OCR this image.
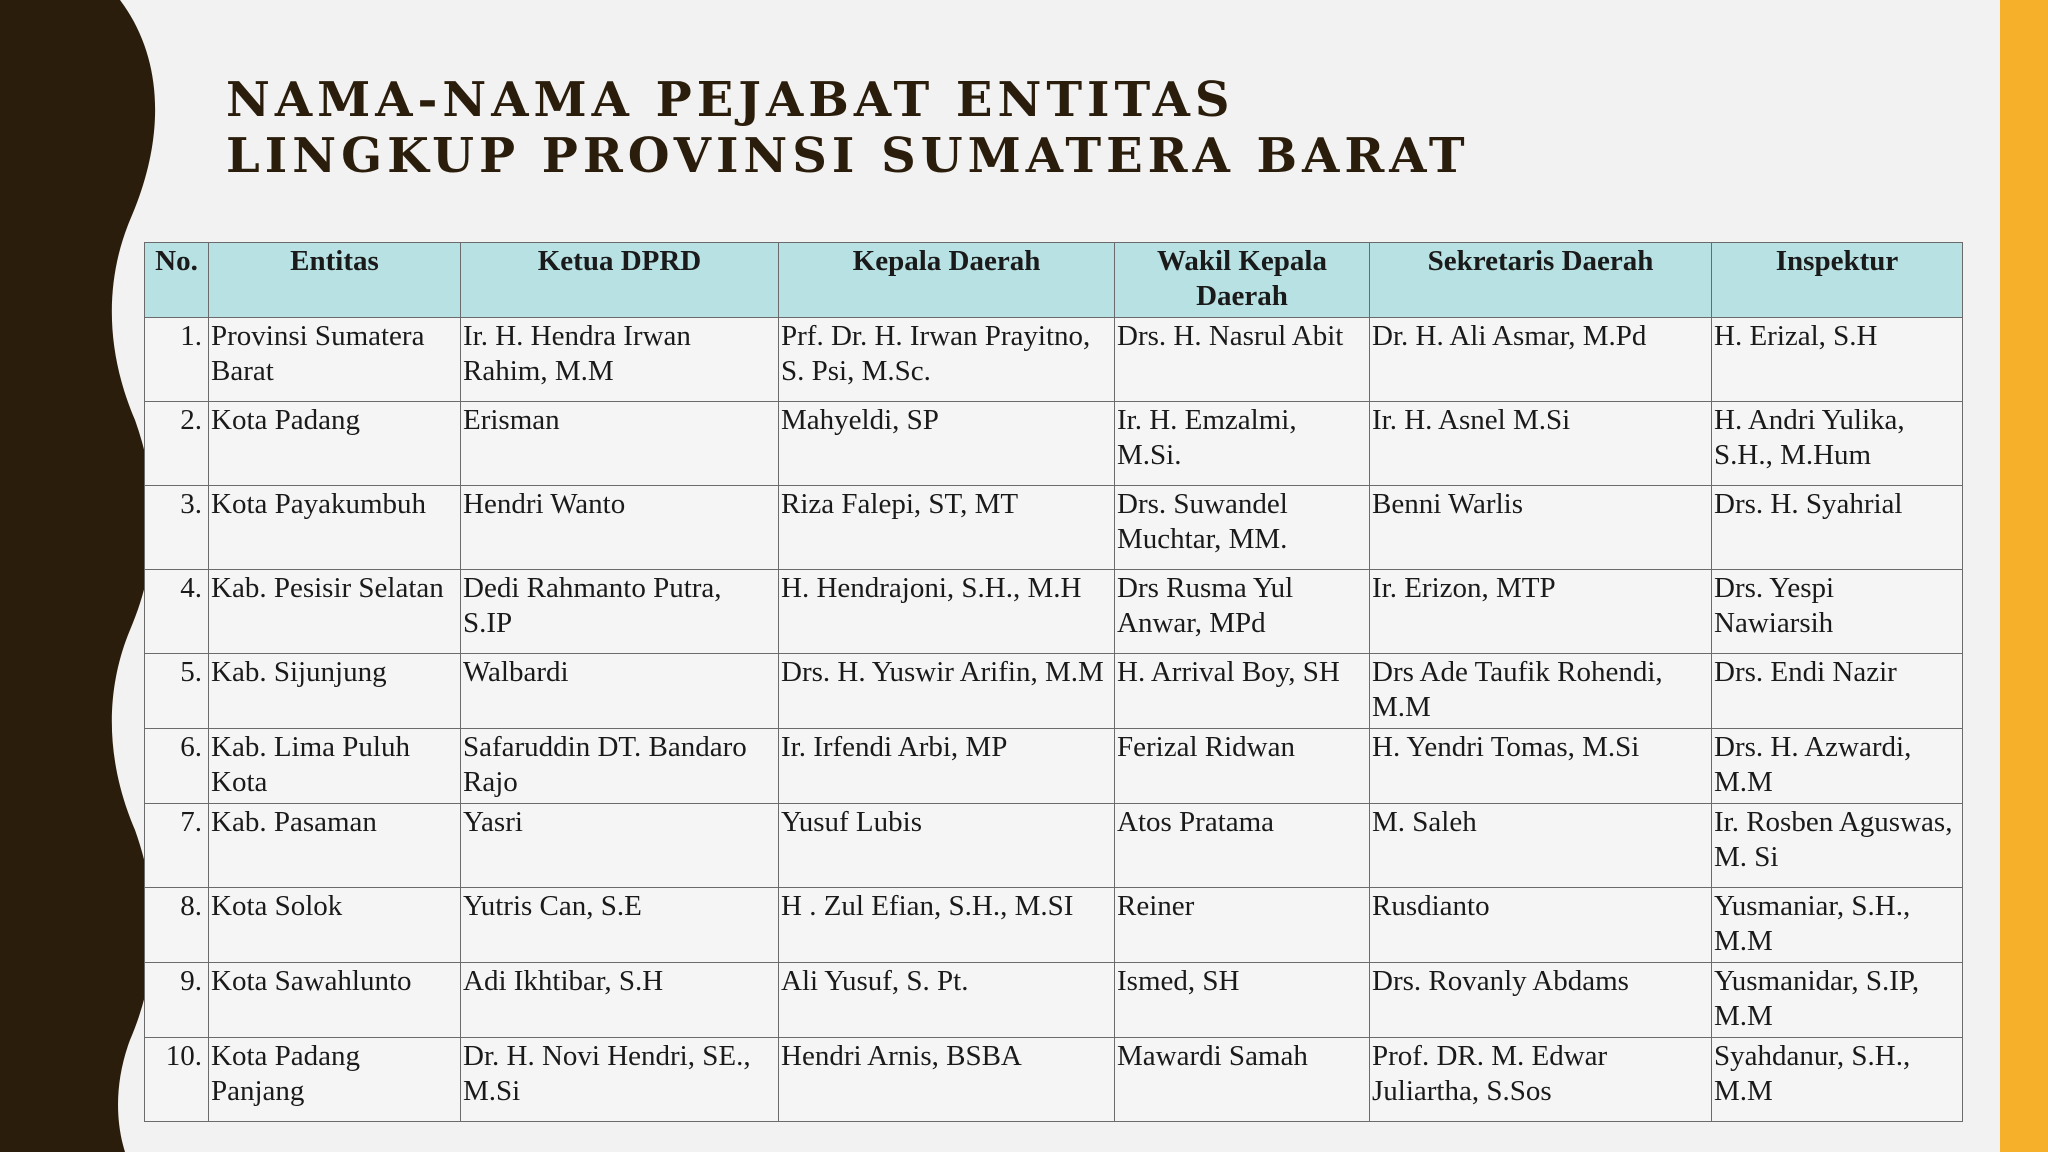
NAMA-NAMA PEJABAT ENTITAS
LINGKUP PROVINSI SUMATERA BARAT
No.	Entitas	Ketua DPRD	Kepala Daerah	Wakil Kepala Daerah	Sekretaris Daerah	Inspektur
1.	Provinsi Sumatera Barat	Ir. H. Hendra Irwan Rahim, M.M	Prf. Dr. H. Irwan Prayitno, S. Psi, M.Sc.	Drs. H. Nasrul Abit	Dr. H. Ali Asmar, M.Pd	H. Erizal, S.H
2.	Kota Padang	Erisman	Mahyeldi, SP	Ir. H. Emzalmi, M.Si.	Ir. H. Asnel M.Si	H. Andri Yulika, S.H., M.Hum
3.	Kota Payakumbuh	Hendri Wanto	Riza Falepi, ST, MT	Drs. Suwandel Muchtar, MM.	Benni Warlis	Drs. H. Syahrial
4.	Kab. Pesisir Selatan	Dedi Rahmanto Putra, S.IP	H. Hendrajoni, S.H., M.H	Drs Rusma Yul Anwar, MPd	Ir. Erizon, MTP	Drs. Yespi Nawiarsih
5.	Kab. Sijunjung	Walbardi	Drs. H. Yuswir Arifin, M.M	H. Arrival Boy, SH	Drs Ade Taufik Rohendi, M.M	Drs. Endi Nazir
6.	Kab. Lima Puluh Kota	Safaruddin DT. Bandaro Rajo	Ir. Irfendi Arbi, MP	Ferizal Ridwan	H. Yendri Tomas, M.Si	Drs. H. Azwardi, M.M
7.	Kab. Pasaman	Yasri	Yusuf Lubis	Atos Pratama	M. Saleh	Ir. Rosben Aguswas, M. Si
8.	Kota Solok	Yutris Can, S.E	H . Zul Efian, S.H., M.SI	Reiner	Rusdianto	Yusmaniar, S.H., M.M
9.	Kota Sawahlunto	Adi Ikhtibar, S.H	Ali Yusuf, S. Pt.	Ismed, SH	Drs. Rovanly Abdams	Yusmanidar, S.IP, M.M
10.	Kota Padang Panjang	Dr. H. Novi Hendri, SE., M.Si	Hendri Arnis, BSBA	Mawardi Samah	Prof. DR. M. Edwar Juliartha, S.Sos	Syahdanur, S.H., M.M
